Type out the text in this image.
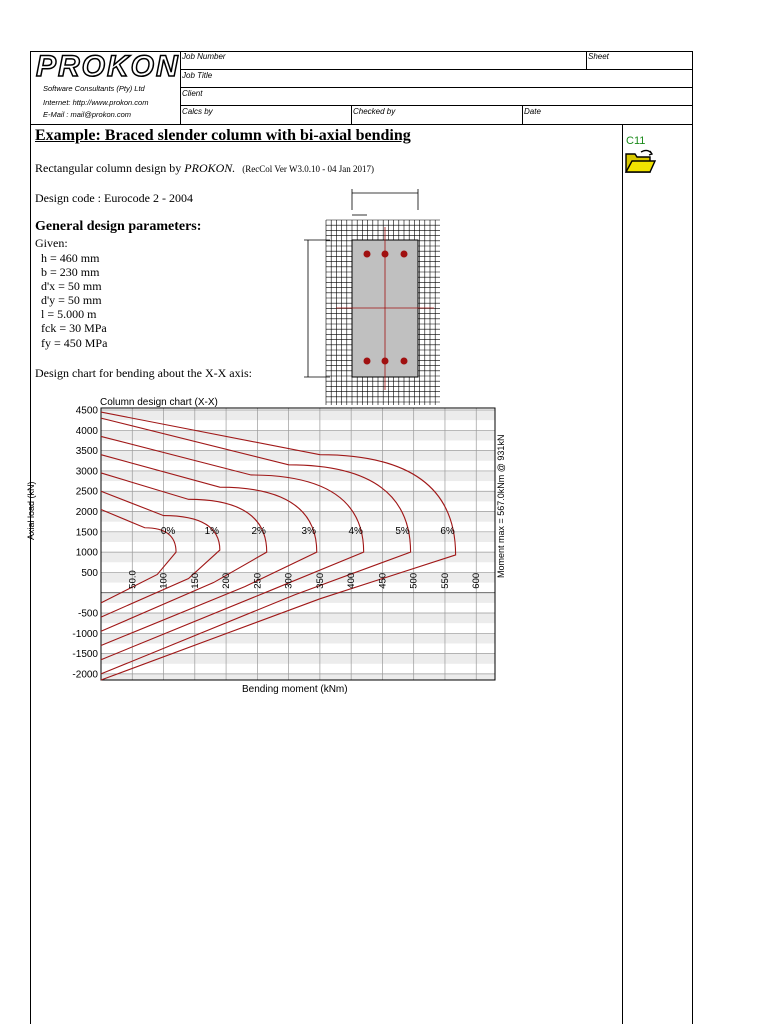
PROKON
Software Consultants (Pty) Ltd
Internet: http://www.prokon.com
E-Mail : mail@prokon.com
Job Number	Sheet
Job Title
Client
Calcs by	Checked by	Date
C11
Example: Braced slender column with bi-axial bending
Rectangular column design by PROKON. (RecCol Ver W3.0.10 - 04 Jan 2017)
Design code : Eurocode 2 - 2004
General design parameters:
Given:
h = 460 mm
b = 230 mm
d'x = 50 mm
d'y = 50 mm
l = 5.000 m
fck = 30 MPa
fy = 450 MPa
Design chart for bending about the X-X axis:
Column design chart (X-X)
Bending moment (kNm)
Axial load (kN)	Moment max = 567.0kNm @ 931kN
4500
4000
3500
3000
2500
2000
1500
1000
500
-500
-1000
-1500
-2000
50.0 100 150 200 250 300 350 400 450 500 550 600
0%	1%	2%	3%	4%	5%	6%
